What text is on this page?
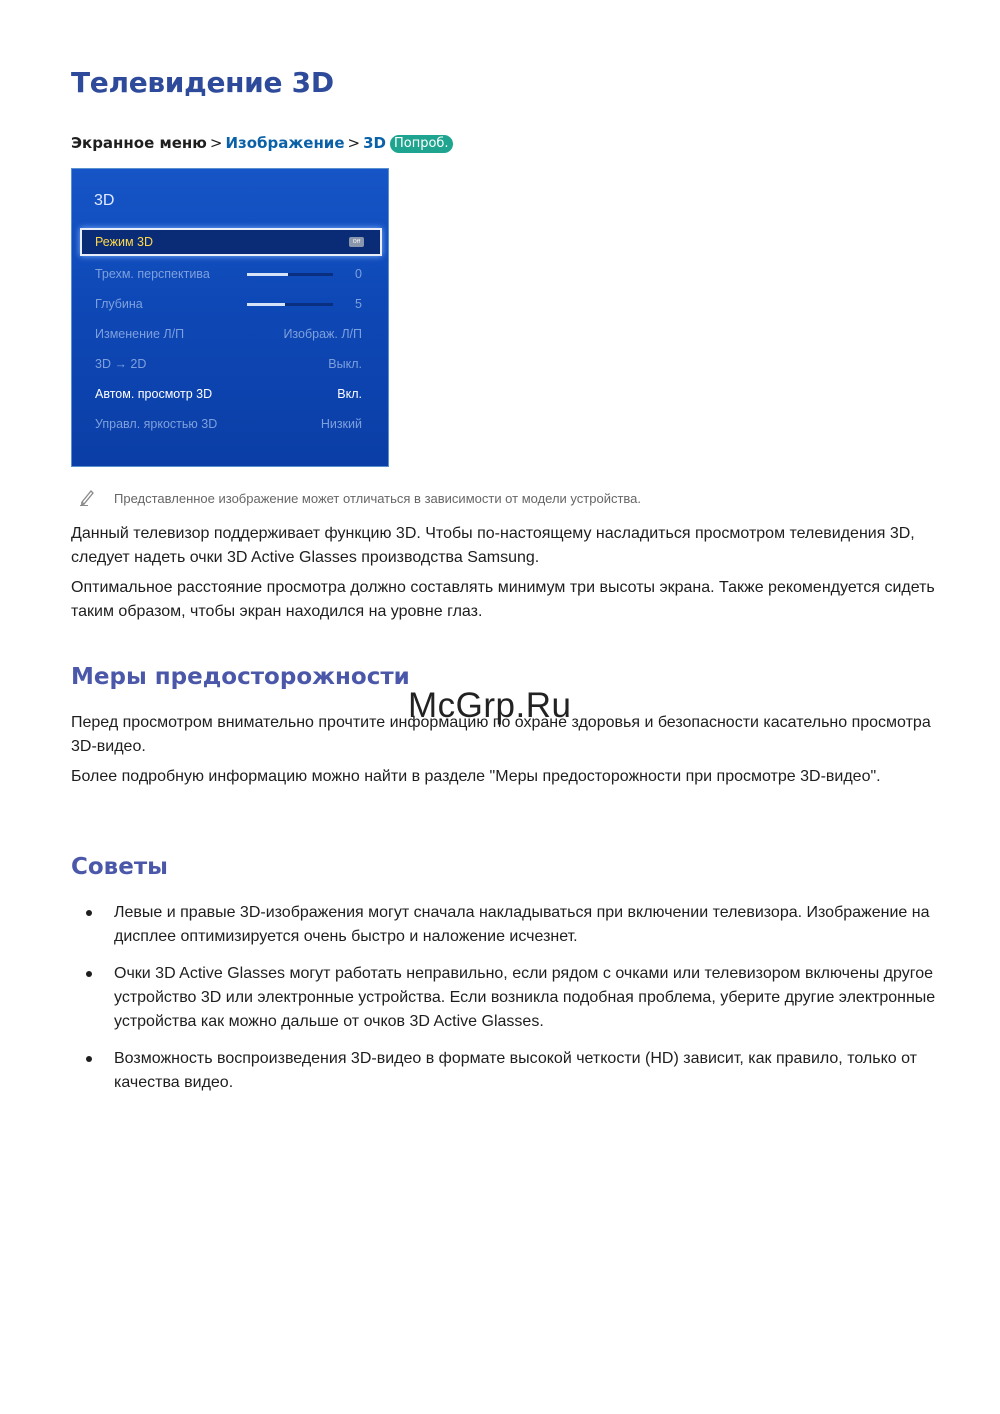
Телевидение 3D
Экранное меню > Изображение > 3D Попроб.
3D
Режим 3D	Off
Трехм. перспектива	0
Глубина	5
Изменение Л/П	Изображ. Л/П
3D → 2D	Выкл.
Автом. просмотр 3D	Вкл.
Управл. яркостью 3D	Низкий
Представленное изображение может отличаться в зависимости от модели устройства.

Данный телевизор поддерживает функцию 3D. Чтобы по-настоящему насладиться просмотром телевидения 3D, следует надеть очки 3D Active Glasses производства Samsung.

Оптимальное расстояние просмотра должно составлять минимум три высоты экрана. Также рекомендуется сидеть таким образом, чтобы экран находился на уровне глаз.

Меры предосторожности

Перед просмотром внимательно прочтите информацию по охране здоровья и безопасности касательно просмотра 3D-видео.

Более подробную информацию можно найти в разделе "Меры предосторожности при просмотре 3D-видео".

McGrp.Ru
Советы

Левые и правые 3D-изображения могут сначала накладываться при включении телевизора. Изображение на дисплее оптимизируется очень быстро и наложение исчезнет.

Очки 3D Active Glasses могут работать неправильно, если рядом с очками или телевизором включены другое устройство 3D или электронные устройства. Если возникла подобная проблема, уберите другие электронные устройства как можно дальше от очков 3D Active Glasses.

Возможность воспроизведения 3D-видео в формате высокой четкости (HD) зависит, как правило, только от качества видео.
